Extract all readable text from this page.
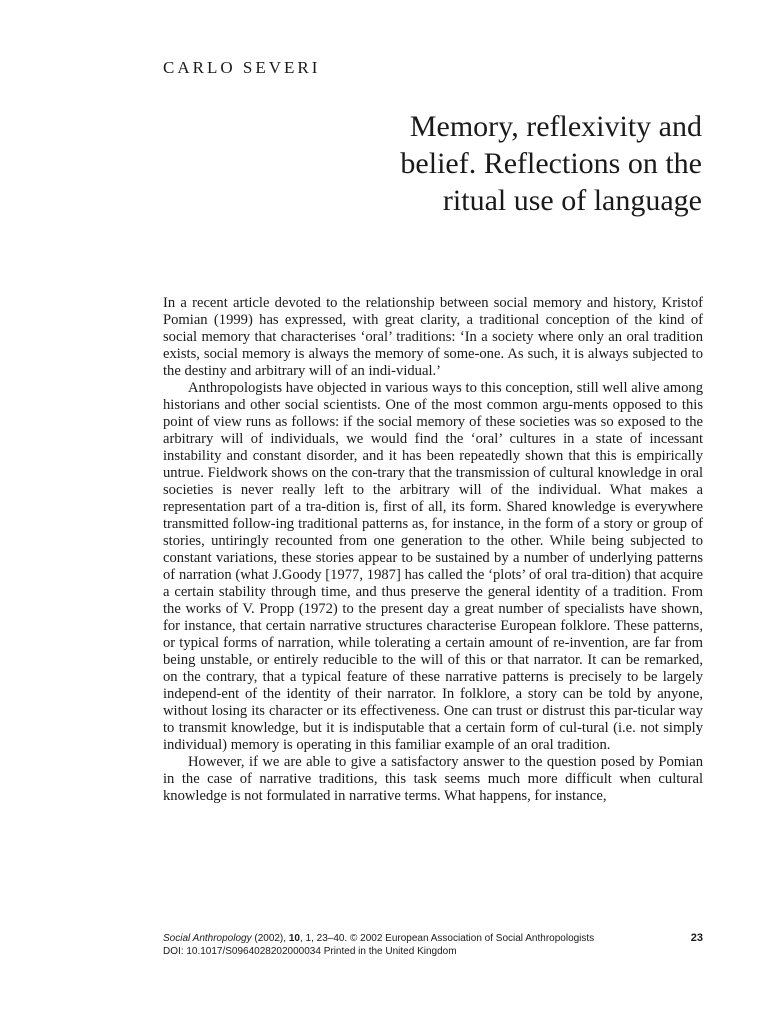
CARLO SEVERI
Memory, reflexivity and
belief. Reflections on the
ritual use of language

In a recent article devoted to the relationship between social memory and history, Kristof Pomian (1999) has expressed, with great clarity, a traditional conception of the kind of social memory that characterises ‘oral’ traditions: ‘In a society where only an oral tradition exists, social memory is always the memory of some-one. As such, it is always subjected to the destiny and arbitrary will of an indi-vidual.’

Anthropologists have objected in various ways to this conception, still well alive among historians and other social scientists. One of the most common argu-ments opposed to this point of view runs as follows: if the social memory of these societies was so exposed to the arbitrary will of individuals, we would find the ‘oral’ cultures in a state of incessant instability and constant disorder, and it has been repeatedly shown that this is empirically untrue. Fieldwork shows on the con-trary that the transmission of cultural knowledge in oral societies is never really left to the arbitrary will of the individual. What makes a representation part of a tra-dition is, first of all, its form. Shared knowledge is everywhere transmitted follow-ing traditional patterns as, for instance, in the form of a story or group of stories, untiringly recounted from one generation to the other. While being subjected to constant variations, these stories appear to be sustained by a number of underlying patterns of narration (what J.Goody [1977, 1987] has called the ‘plots’ of oral tra-dition) that acquire a certain stability through time, and thus preserve the general identity of a tradition. From the works of V. Propp (1972) to the present day a great number of specialists have shown, for instance, that certain narrative structures characterise European folklore. These patterns, or typical forms of narration, while tolerating a certain amount of re-invention, are far from being unstable, or entirely reducible to the will of this or that narrator. It can be remarked, on the contrary, that a typical feature of these narrative patterns is precisely to be largely independ-ent of the identity of their narrator. In folklore, a story can be told by anyone, without losing its character or its effectiveness. One can trust or distrust this par-ticular way to transmit knowledge, but it is indisputable that a certain form of cul-tural (i.e. not simply individual) memory is operating in this familiar example of an oral tradition.

However, if we are able to give a satisfactory answer to the question posed by Pomian in the case of narrative traditions, this task seems much more difficult when cultural knowledge is not formulated in narrative terms. What happens, for instance,

Social Anthropology (2002), 10, 1, 23–40. © 2002 European Association of Social Anthropologists	23
DOI: 10.1017/S0964028202000034 Printed in the United Kingdom
